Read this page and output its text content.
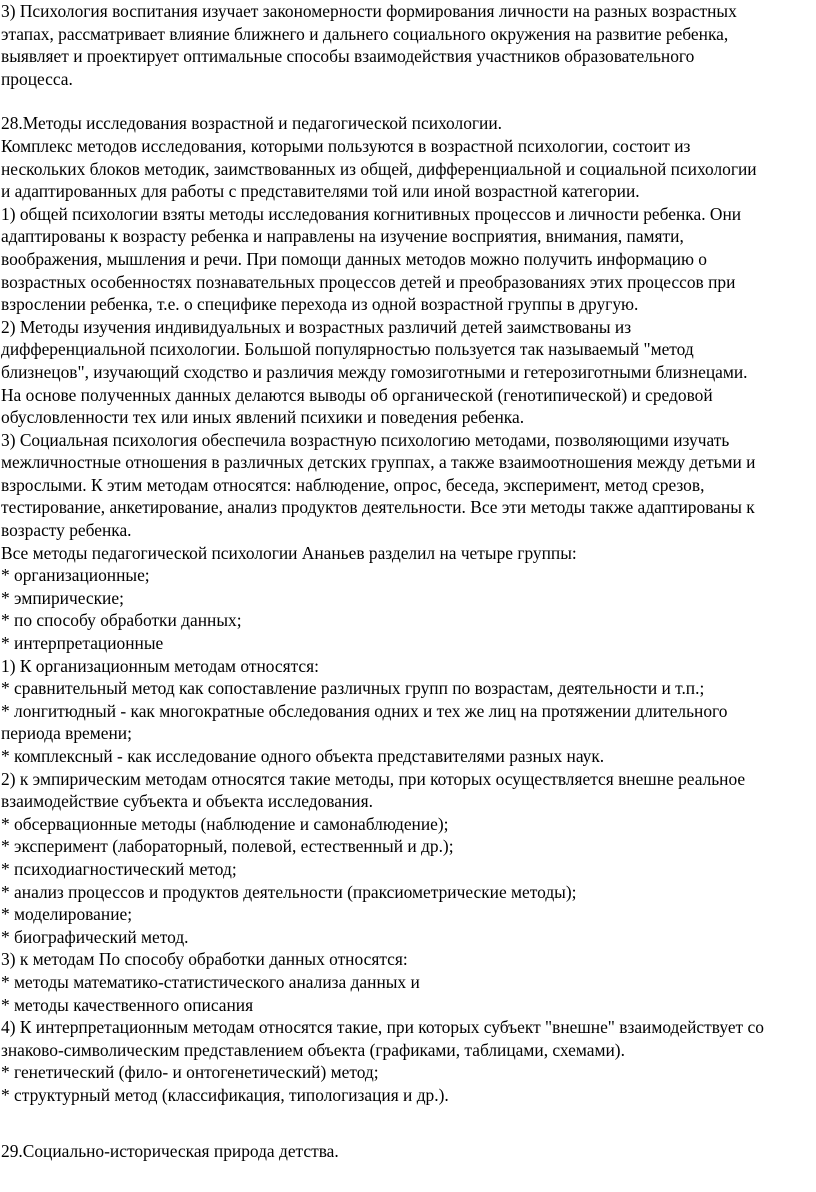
3) Психология воспитания изучает закономерности формирования личности на разных возрастных
этапах, рассматривает влияние ближнего и дальнего социального окружения на развитие ребенка,
выявляет и проектирует оптимальные способы взаимодействия участников образовательного
процесса.
28.Методы исследования возрастной и педагогической психологии.
Комплекс методов исследования, которыми пользуются в возрастной психологии, состоит из
нескольких блоков методик, заимствованных из общей, дифференциальной и социальной психологии
и адаптированных для работы с представителями той или иной возрастной категории.
1) общей психологии взяты методы исследования когнитивных процессов и личности ребенка. Они
адаптированы к возрасту ребенка и направлены на изучение восприятия, внимания, памяти,
воображения, мышления и речи. При помощи данных методов можно получить информацию о
возрастных особенностях познавательных процессов детей и преобразованиях этих процессов при
взрослении ребенка, т.е. о специфике перехода из одной возрастной группы в другую.
2) Методы изучения индивидуальных и возрастных различий детей заимствованы из
дифференциальной психологии. Большой популярностью пользуется так называемый "метод
близнецов", изучающий сходство и различия между гомозиготными и гетерозиготными близнецами.
На основе полученных данных делаются выводы об органической (генотипической) и средовой
обусловленности тех или иных явлений психики и поведения ребенка.
3) Социальная психология обеспечила возрастную психологию методами, позволяющими изучать
межличностные отношения в различных детских группах, а также взаимоотношения между детьми и
взрослыми. К этим методам относятся: наблюдение, опрос, беседа, эксперимент, метод срезов,
тестирование, анкетирование, анализ продуктов деятельности. Все эти методы также адаптированы к
возрасту ребенка.
Все методы педагогической психологии Ананьев разделил на четыре группы:
* организационные;
* эмпирические;
* по способу обработки данных;
* интерпретационные
1) К организационным методам относятся:
* сравнительный метод как сопоставление различных групп по возрастам, деятельности и т.п.;
* лонгитюдный - как многократные обследования одних и тех же лиц на протяжении длительного
периода времени;
* комплексный - как исследование одного объекта представителями разных наук.
2) к эмпирическим методам относятся такие методы, при которых осуществляется внешне реальное
взаимодействие субъекта и объекта исследования.
* обсервационные методы (наблюдение и самонаблюдение);
* эксперимент (лабораторный, полевой, естественный и др.);
* психодиагностический метод;
* анализ процессов и продуктов деятельности (праксиометрические методы);
* моделирование;
* биографический метод.
3) к методам По способу обработки данных относятся:
* методы математико-статистического анализа данных и
* методы качественного описания
4) К интерпретационным методам относятся такие, при которых субъект "внешне" взаимодействует со
знаково-символическим представлением объекта (графиками, таблицами, схемами).
* генетический (фило- и онтогенетический) метод;
* структурный метод (классификация, типологизация и др.).
29.Социально-историческая природа детства.
